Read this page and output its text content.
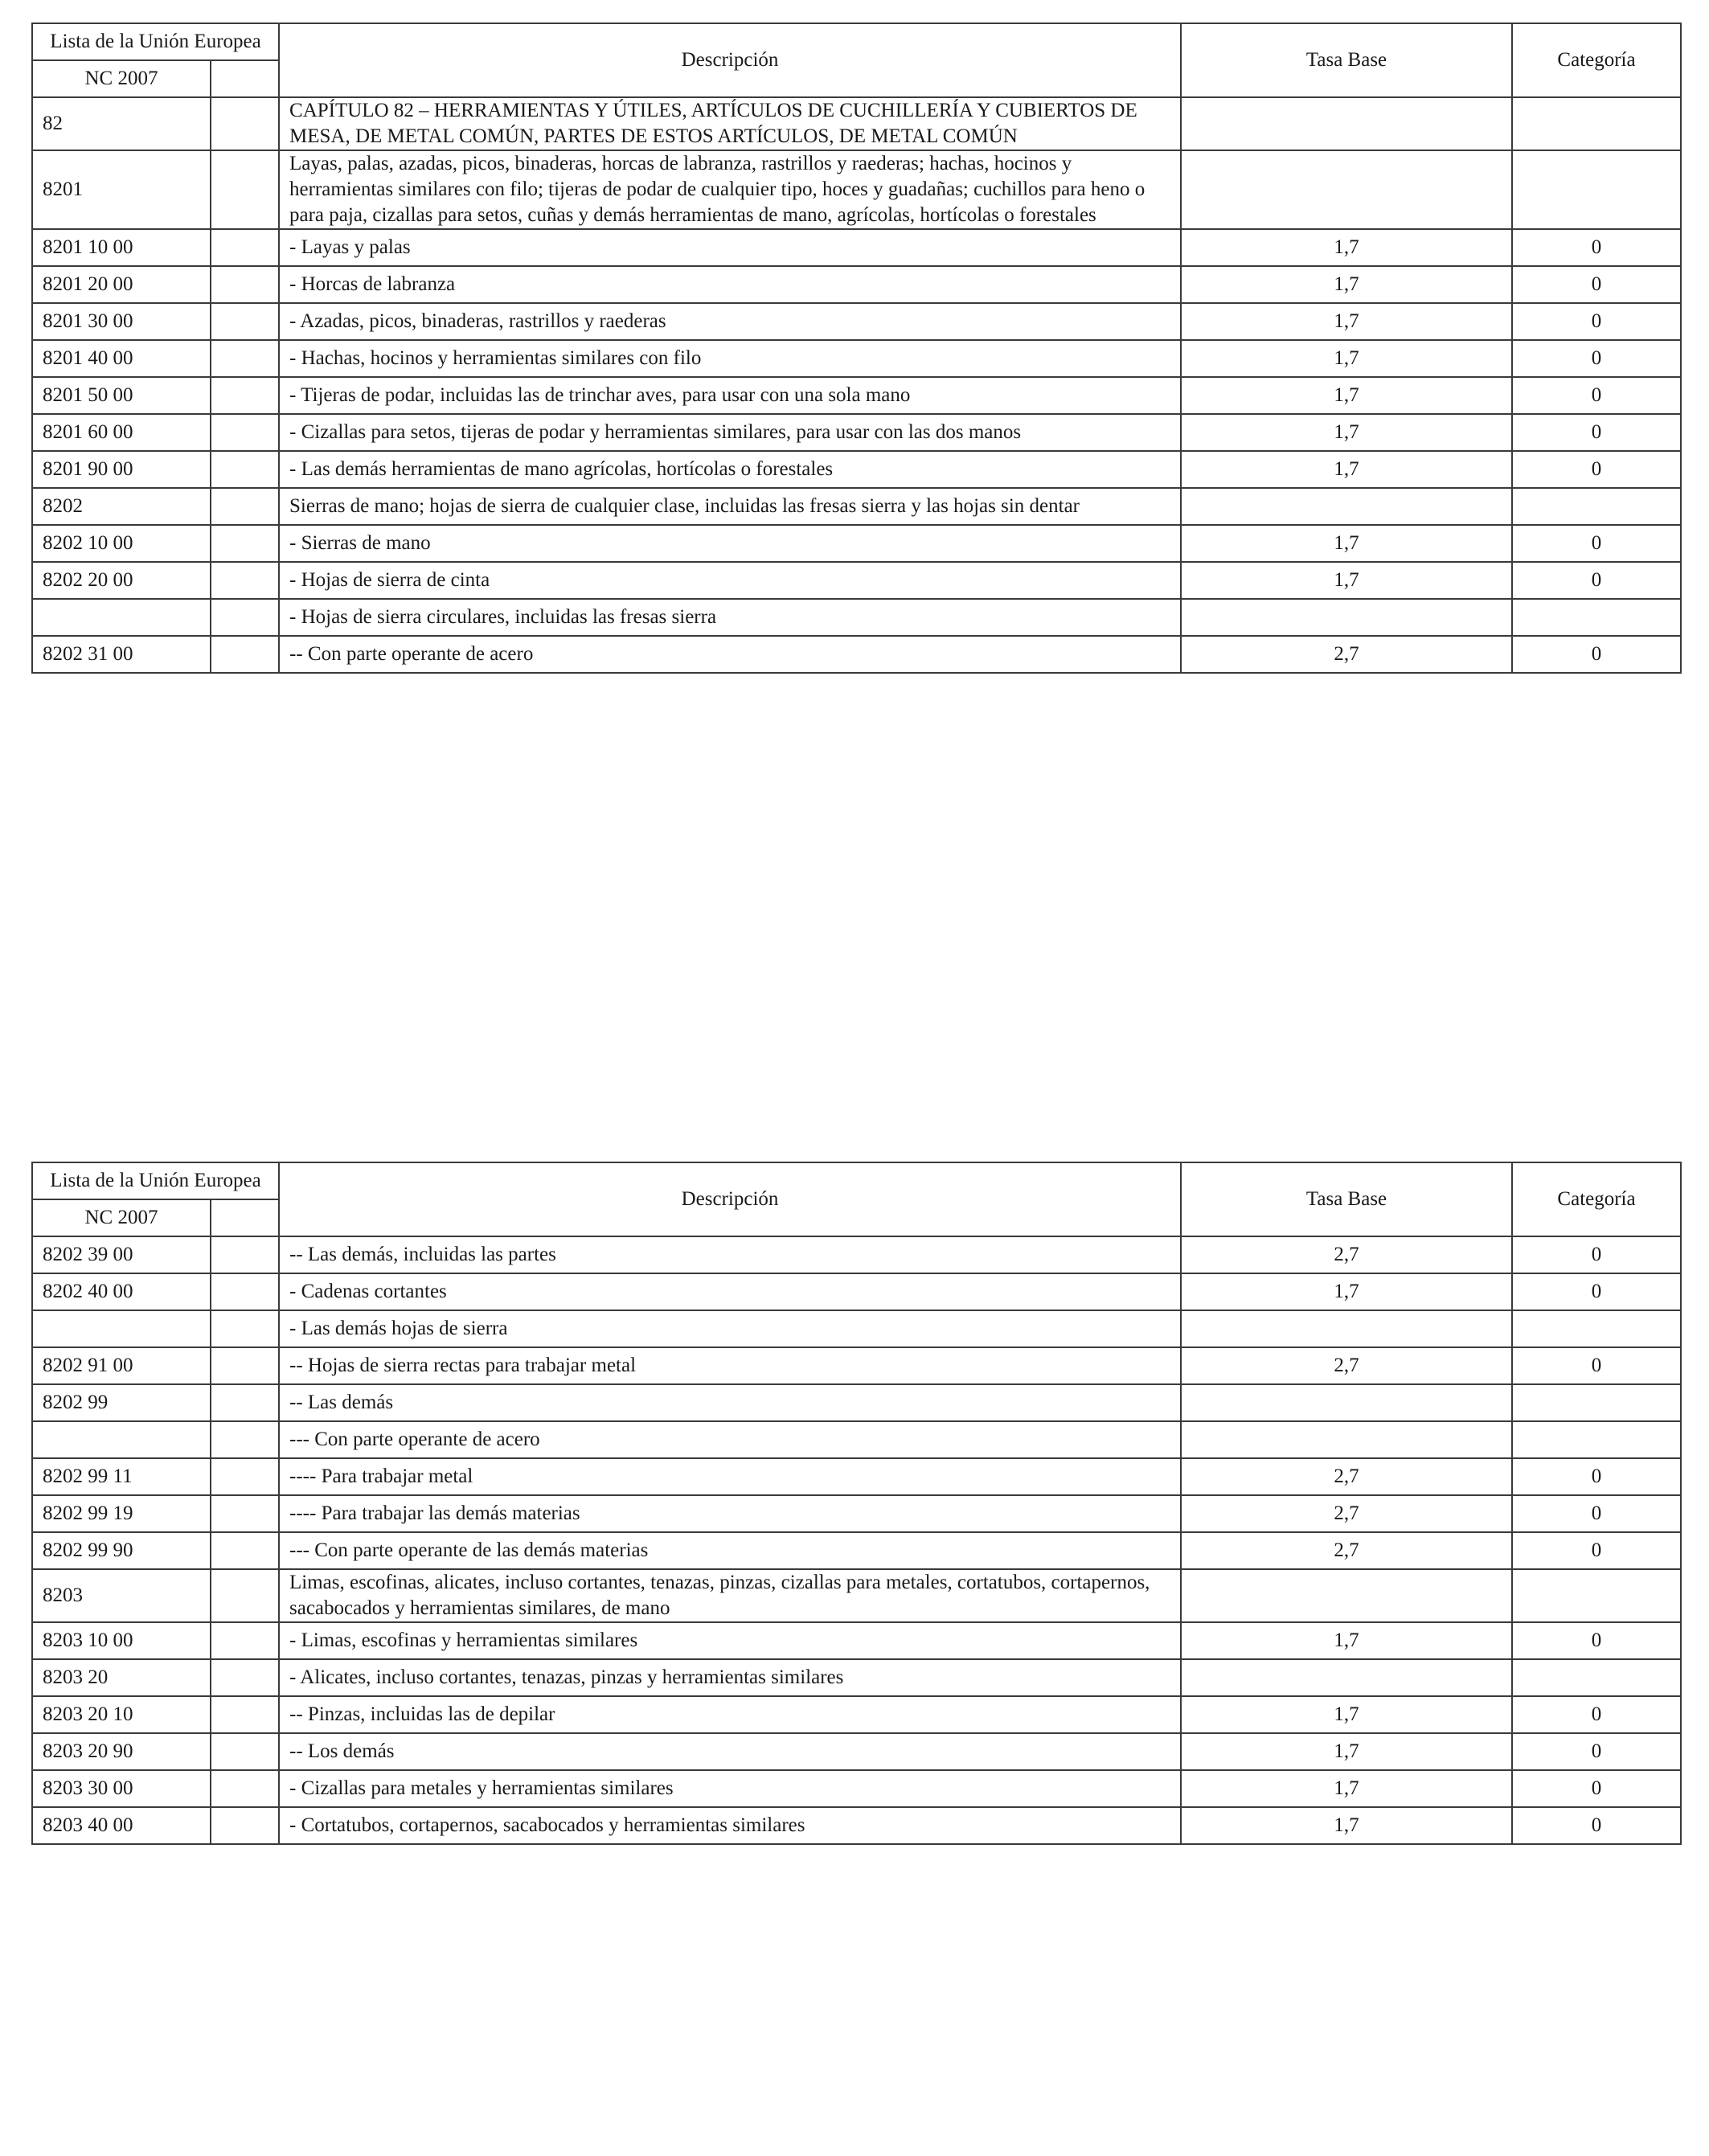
Lista de la Unión Europea		Descripción	Tasa Base	Categoría
NC 2007				
82		CAPÍTULO 82 – HERRAMIENTAS Y ÚTILES, ARTÍCULOS DE CUCHILLERÍA Y CUBIERTOS DE MESA, DE METAL COMÚN, PARTES DE ESTOS ARTÍCULOS, DE METAL COMÚN		
8201		Layas, palas, azadas, picos, binaderas, horcas de labranza, rastrillos y raederas; hachas, hocinos y herramientas similares con filo; tijeras de podar de cualquier tipo, hoces y guadañas; cuchillos para heno o para paja, cizallas para setos, cuñas y demás herramientas de mano, agrícolas, hortícolas o forestales		
8201 10 00		- Layas y palas	1,7	0
8201 20 00		- Horcas de labranza	1,7	0
8201 30 00		- Azadas, picos, binaderas, rastrillos y raederas	1,7	0
8201 40 00		- Hachas, hocinos y herramientas similares con filo	1,7	0
8201 50 00		- Tijeras de podar, incluidas las de trinchar aves, para usar con una sola mano	1,7	0
8201 60 00		- Cizallas para setos, tijeras de podar y herramientas similares, para usar con las dos manos	1,7	0
8201 90 00		- Las demás herramientas de mano agrícolas, hortícolas o forestales	1,7	0
8202		Sierras de mano; hojas de sierra de cualquier clase, incluidas las fresas sierra y las hojas sin dentar		
8202 10 00		- Sierras de mano	1,7	0
8202 20 00		- Hojas de sierra de cinta	1,7	0
		- Hojas de sierra circulares, incluidas las fresas sierra		
8202 31 00		-- Con parte operante de acero	2,7	0
Lista de la Unión Europea		Descripción	Tasa Base	Categoría
NC 2007				
8202 39 00		-- Las demás, incluidas las partes	2,7	0
8202 40 00		- Cadenas cortantes	1,7	0
		- Las demás hojas de sierra		
8202 91 00		-- Hojas de sierra rectas para trabajar metal	2,7	0
8202 99		-- Las demás		
		--- Con parte operante de acero		
8202 99 11		---- Para trabajar metal	2,7	0
8202 99 19		---- Para trabajar las demás materias	2,7	0
8202 99 90		--- Con parte operante de las demás materias	2,7	0
8203		Limas, escofinas, alicates, incluso cortantes, tenazas, pinzas, cizallas para metales, cortatubos, cortapernos, sacabocados y herramientas similares, de mano		
8203 10 00		- Limas, escofinas y herramientas similares	1,7	0
8203 20		- Alicates, incluso cortantes, tenazas, pinzas y herramientas similares		
8203 20 10		-- Pinzas, incluidas las de depilar	1,7	0
8203 20 90		-- Los demás	1,7	0
8203 30 00		- Cizallas para metales y herramientas similares	1,7	0
8203 40 00		- Cortatubos, cortapernos, sacabocados y herramientas similares	1,7	0
